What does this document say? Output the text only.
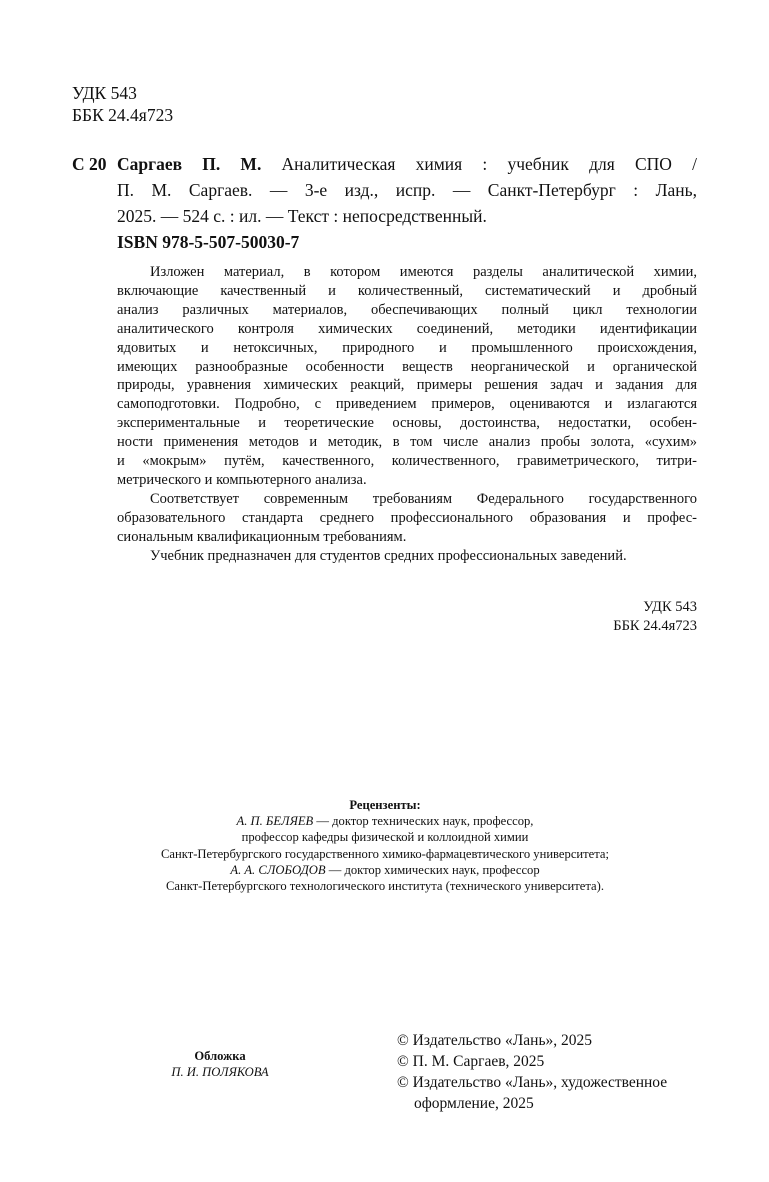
УДК 543
ББК 24.4я723
С 20 Саргаев П. М. Аналитическая химия : учебник для СПО /
П. М. Саргаев. — 3-е изд., испр. — Санкт-Петербург : Лань,
2025. — 524 с. : ил. — Текст : непосредственный.
ISBN 978-5-507-50030-7

Изложен материал, в котором имеются разделы аналитической химии,
включающие качественный и количественный, систематический и дробный
анализ различных материалов, обеспечивающих полный цикл технологии
аналитического контроля химических соединений, методики идентификации
ядовитых и нетоксичных, природного и промышленного происхождения,
имеющих разнообразные особенности веществ неорганической и органической
природы, уравнения химических реакций, примеры решения задач и задания для
самоподготовки. Подробно, с приведением примеров, оцениваются и излагаются
экспериментальные и теоретические основы, достоинства, недостатки, особен-
ности применения методов и методик, в том числе анализ пробы золота, «сухим»
и «мокрым» путём, качественного, количественного, гравиметрического, титри-
метрического и компьютерного анализа.

Соответствует современным требованиям Федерального государственного
образовательного стандарта среднего профессионального образования и профес-
сиональным квалификационным требованиям.

Учебник предназначен для студентов средних профессиональных заведений.

УДК 543
ББК 24.4я723
Рецензенты:
А. П. БЕЛЯЕВ — доктор технических наук, профессор,
профессор кафедры физической и коллоидной химии
Санкт-Петербургского государственного химико-фармацевтического университета;
А. А. СЛОБОДОВ — доктор химических наук, профессор
Санкт-Петербургского технологического института (технического университета).
Обложка
П. И. ПОЛЯКОВА
© Издательство «Лань», 2025
© П. М. Саргаев, 2025
© Издательство «Лань», художественное
оформление, 2025
